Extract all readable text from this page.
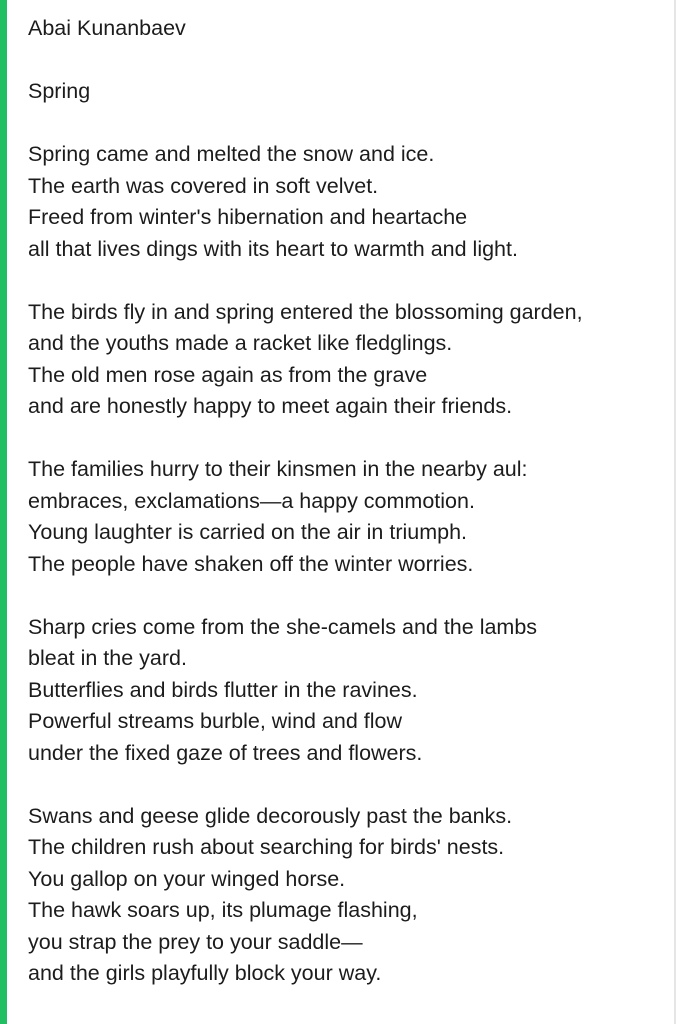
Abai Kunanbaev
Spring
Spring came and melted the snow and ice.
The earth was covered in soft velvet.
Freed from winter's hibernation and heartache
all that lives dings with its heart to warmth and light.
The birds fly in and spring entered the blossoming garden,
and the youths made a racket like fledglings.
The old men rose again as from the grave
and are honestly happy to meet again their friends.
The families hurry to their kinsmen in the nearby aul:
embraces, exclamations—a happy commotion.
Young laughter is carried on the air in triumph.
The people have shaken off the winter worries.
Sharp cries come from the she-camels and the lambs
bleat in the yard.
Butterflies and birds flutter in the ravines.
Powerful streams burble, wind and flow
under the fixed gaze of trees and flowers.
Swans and geese glide decorously past the banks.
The children rush about searching for birds' nests.
You gallop on your winged horse.
The hawk soars up, its plumage flashing,
you strap the prey to your saddle—
and the girls playfully block your way.
